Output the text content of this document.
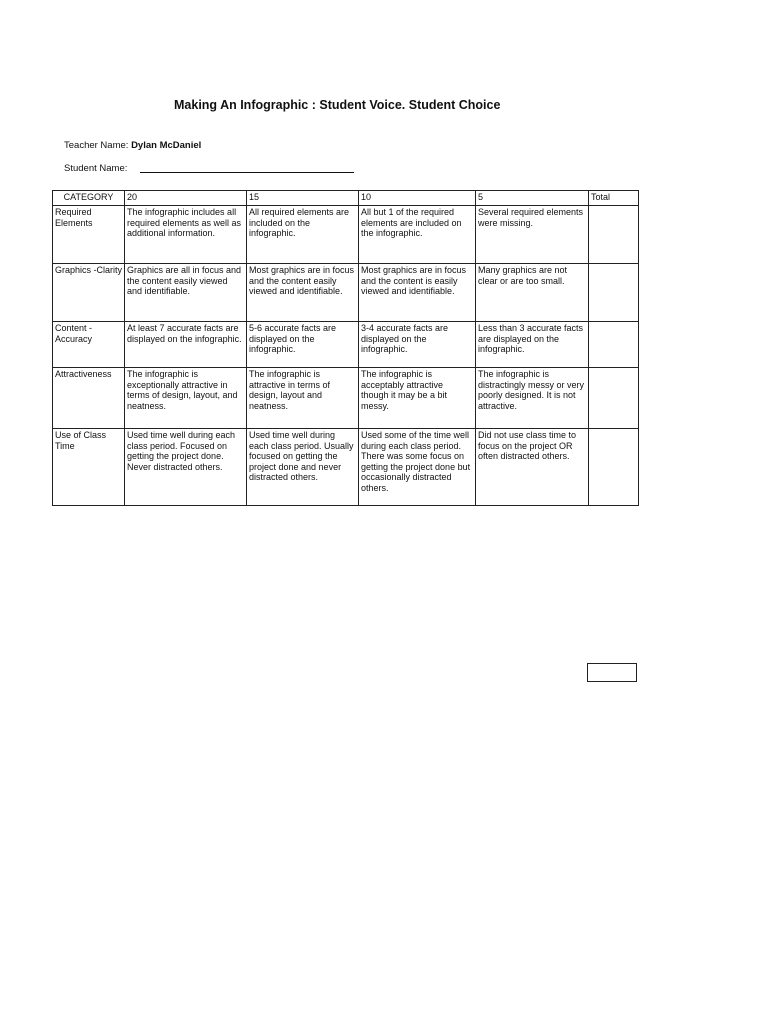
Making An Infographic : Student Voice. Student Choice
Teacher Name: Dylan McDaniel
Student Name:
CATEGORY	20	15	10	5	Total
Required Elements	The infographic includes all required elements as well as additional information.	All required elements are included on the infographic.	All but 1 of the required elements are included on the infographic.	Several required elements were missing.	
Graphics -Clarity	Graphics are all in focus and the content easily viewed and identifiable.	Most graphics are in focus and the content easily viewed and identifiable.	Most graphics are in focus and the content is easily viewed and identifiable.	Many graphics are not clear or are too small.	
Content - Accuracy	At least 7 accurate facts are displayed on the infographic.	5-6 accurate facts are displayed on the infographic.	3-4 accurate facts are displayed on the infographic.	Less than 3 accurate facts are displayed on the infographic.	
Attractiveness	The infographic is exceptionally attractive in terms of design, layout, and neatness.	The infographic is attractive in terms of design, layout and neatness.	The infographic is acceptably attractive though it may be a bit messy.	The infographic is distractingly messy or very poorly designed. It is not attractive.	
Use of Class Time	Used time well during each class period. Focused on getting the project done. Never distracted others.	Used time well during each class period. Usually focused on getting the project done and never distracted others.	Used some of the time well during each class period. There was some focus on getting the project done but occasionally distracted others.	Did not use class time to focus on the project OR often distracted others.	
